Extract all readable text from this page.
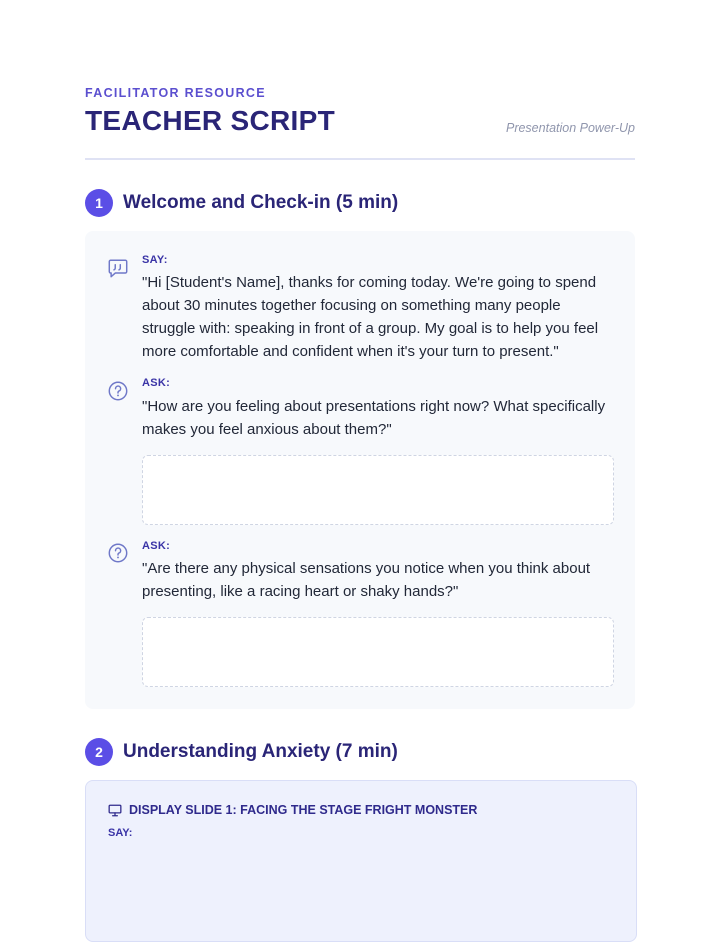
FACILITATOR RESOURCE
TEACHER SCRIPT	Presentation Power-Up
1	Welcome and Check-in (5 min)
SAY:
"Hi [Student's Name], thanks for coming today. We're going to spend about 30 minutes together focusing on something many people struggle with: speaking in front of a group. My goal is to help you feel more comfortable and confident when it's your turn to present."
ASK:
"How are you feeling about presentations right now? What specifically makes you feel anxious about them?"
ASK:
"Are there any physical sensations you notice when you think about presenting, like a racing heart or shaky hands?"
2	Understanding Anxiety (7 min)
DISPLAY SLIDE 1: FACING THE STAGE FRIGHT MONSTER
SAY:
